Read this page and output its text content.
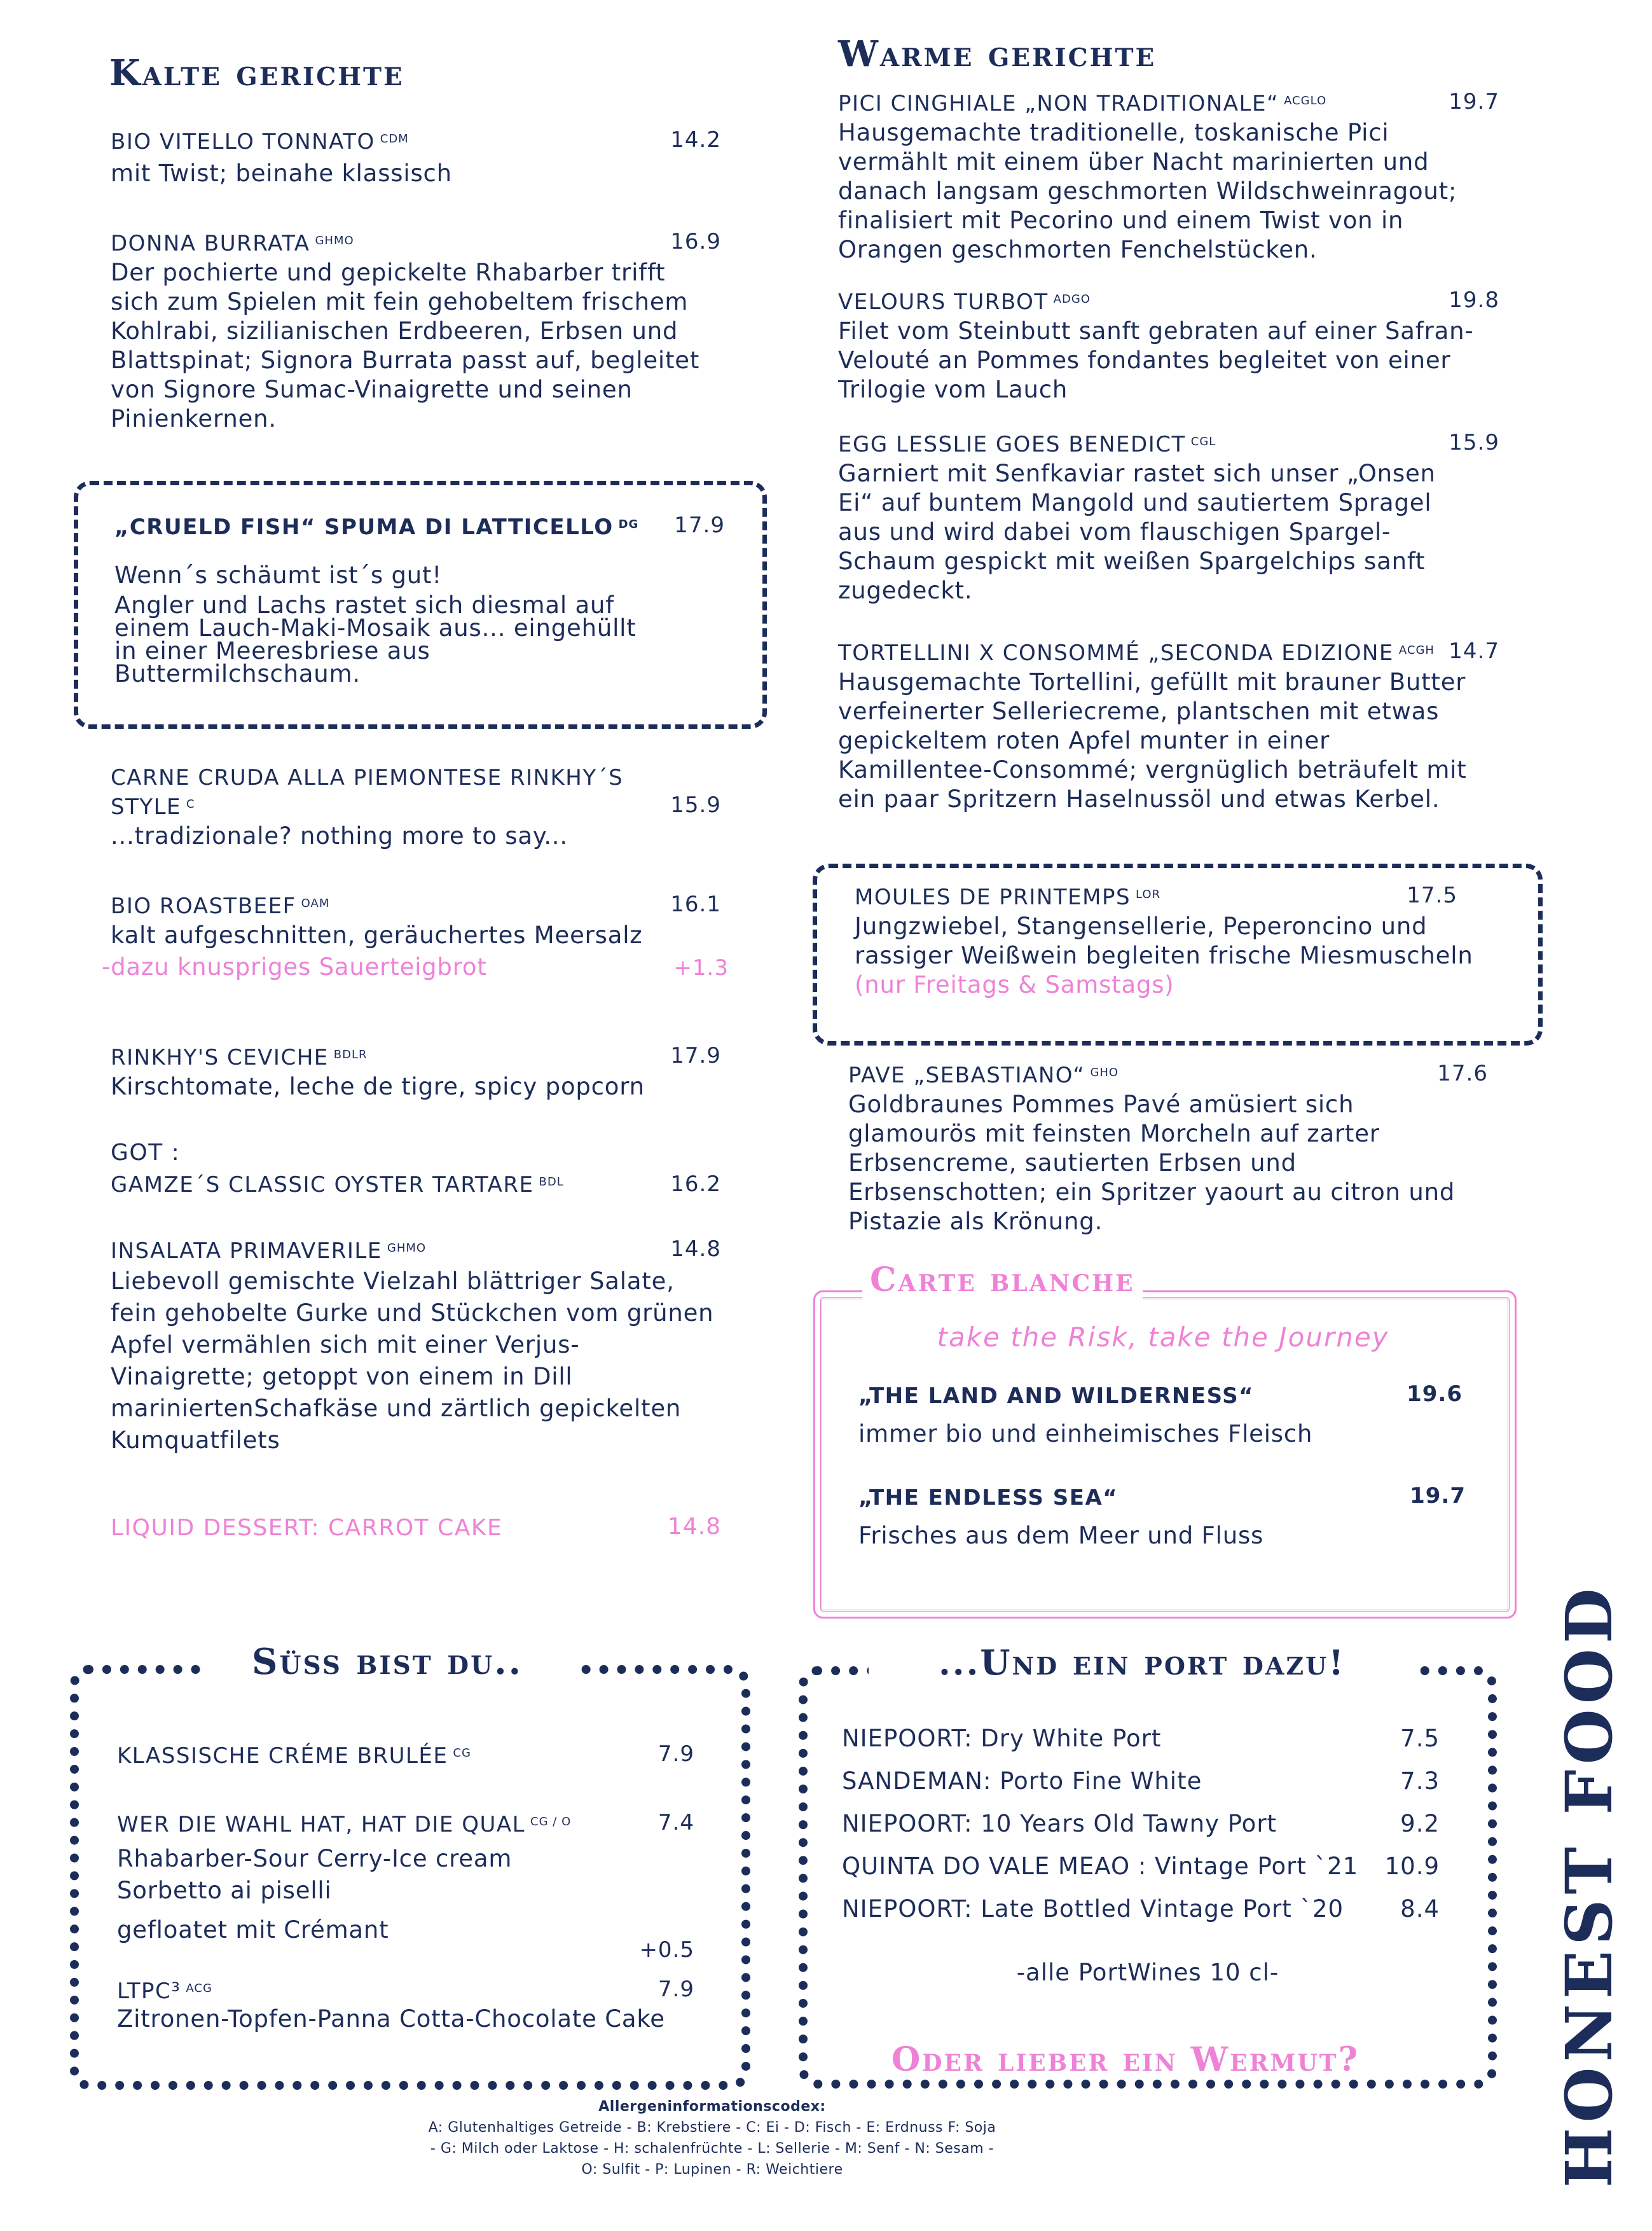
Kalte gerichte
BIO VITELLO TONNATO $^{CDM}$	14.2
mit Twist; beinahe klassisch
DONNA BURRATA $^{GHMO}$	16.9
Der pochierte und gepickelte Rhabarber trifft sich zum Spielen mit fein gehobeltem frischem Kohlrabi, sizilianischen Erdbeeren, Erbsen und Blattspinat; Signora Burrata passt auf, begleitet von Signore Sumac-Vinaigrette und seinen Pinienkernen.
„CRUELD FISH“ SPUMA DI LATTICELLO $^{DG}$	17.9
Wenn´s schäumt ist´s gut!
Angler und Lachs rastet sich diesmal auf einem Lauch-Maki-Mosaik aus... eingehüllt in einer Meeresbriese aus Buttermilchschaum.
CARNE CRUDA ALLA PIEMONTESE RINKHY´S
STYLE $^C$	15.9
...tradizionale? nothing more to say...
BIO ROASTBEEF $^{OAM}$	16.1
kalt aufgeschnitten, geräuchertes Meersalz
-dazu knuspriges Sauerteigbrot	+1.3
RINKHY'S CEVICHE $^{BDLR}$	17.9
Kirschtomate, leche de tigre, spicy popcorn
GOT :
GAMZE´S CLASSIC OYSTER TARTARE $^{BDL}$	16.2
INSALATA PRIMAVERILE $^{GHMO}$	14.8
Liebevoll gemischte Vielzahl blättriger Salate, fein gehobelte Gurke und Stückchen vom grünen Apfel vermählen sich mit einer Verjus-Vinaigrette; getoppt von einem in Dill mariniertenSchafkäse und zärtlich gepickelten Kumquatfilets
LIQUID DESSERT: CARROT CAKE	14.8
Warme gerichte
PICI CINGHIALE „NON TRADITIONALE“ $^{ACGLO}$	19.7
Hausgemachte traditionelle, toskanische Pici vermählt mit einem über Nacht marinierten und danach langsam geschmorten Wildschweinragout; finalisiert mit Pecorino und einem Twist von in Orangen geschmorten Fenchelstücken.
VELOURS TURBOT $^{ADGO}$	19.8
Filet vom Steinbutt sanft gebraten auf einer Safran-Velouté an Pommes fondantes begleitet von einer Trilogie vom Lauch
EGG LESSLIE GOES BENEDICT $^{CGL}$	15.9
Garniert mit Senfkaviar rastet sich unser „Onsen Ei“ auf buntem Mangold und sautiertem Spragel aus und wird dabei vom flauschigen Spargel-Schaum gespickt mit weißen Spargelchips sanft zugedeckt.
TORTELLINI X CONSOMMÉ „SECONDA EDIZIONE $^{ACGH}$ 14.7
Hausgemachte Tortellini, gefüllt mit brauner Butter verfeinerter Selleriecreme, plantschen mit etwas gepickeltem roten Apfel munter in einer Kamillentee-Consommé; vergnüglich beträufelt mit ein paar Spritzern Haselnussöl und etwas Kerbel.
MOULES DE PRINTEMPS $^{LOR}$	17.5
Jungzwiebel, Stangensellerie, Peperoncino und rassiger Weißwein begleiten frische Miesmuscheln
(nur Freitags & Samstags)
PAVE „SEBASTIANO“ $^{GHO}$	17.6
Goldbraunes Pommes Pavé amüsiert sich glamourös mit feinsten Morcheln auf zarter Erbsencreme, sautierten Erbsen und Erbsenschotten; ein Spritzer yaourt au citron und Pistazie als Krönung.
Carte blanche
take the Risk, take the Journey
„THE LAND AND WILDERNESS“	19.6
immer bio und einheimisches Fleisch
„THE ENDLESS SEA“	19.7
Frisches aus dem Meer und Fluss
Süss bist du..
KLASSISCHE CRÉME BRULÉE $^{CG}$	7.9
WER DIE WAHL HAT, HAT DIE QUAL $^{CG / O}$	7.4
Rhabarber-Sour Cerry-Ice cream
Sorbetto ai piselli
gefloatet mit Crémant
+0.5
LTPC³ $^{ACG}$	7.9
Zitronen-Topfen-Panna Cotta-Chocolate Cake
...Und ein port dazu!
NIEPOORT: Dry White Port	7.5
SANDEMAN: Porto Fine White	7.3
NIEPOORT: 10 Years Old Tawny Port	9.2
QUINTA DO VALE MEAO : Vintage Port `21 10.9
NIEPOORT: Late Bottled Vintage Port `20 8.4
-alle PortWines 10 cl-
Oder lieber ein Wermut?
Allergeninformationscodex:
A: Glutenhaltiges Getreide - B: Krebstiere - C: Ei - D: Fisch - E: Erdnuss F: Soja
- G: Milch oder Laktose - H: schalenfrüchte - L: Sellerie - M: Senf - N: Sesam -
O: Sulfit - P: Lupinen - R: Weichtiere	HONEST FOOD
